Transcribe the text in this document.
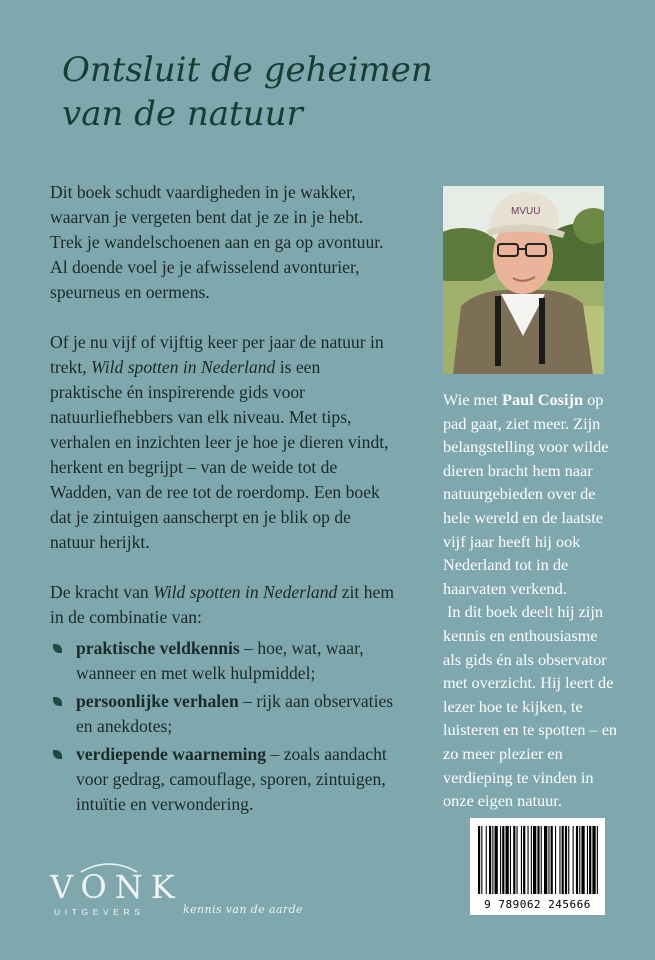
Ontsluit de geheimen
van de natuur

Dit boek schudt vaardigheden in je wakker, waarvan je vergeten bent dat je ze in je hebt. Trek je wandelschoenen aan en ga op avontuur. Al doende voel je je afwisselend avonturier, speurneus en oermens.

Of je nu vijf of vijftig keer per jaar de natuur in trekt, Wild spotten in Nederland is een praktische én inspirerende gids voor natuurliefhebbers van elk niveau. Met tips, verhalen en inzichten leer je hoe je dieren vindt, herkent en begrijpt – van de weide tot de Wadden, van de ree tot de roerdomp. Een boek dat je zintuigen aanscherpt en je blik op de natuur herijkt.

De kracht van Wild spotten in Nederland zit hem in de combinatie van:

praktische veldkennis – hoe, wat, waar, wanneer en met welk hulpmiddel;
persoonlijke verhalen – rijk aan observaties en anekdotes;
verdiepende waarneming – zoals aandacht voor gedrag, camouflage, sporen, zintuigen, intuïtie en verwondering.
MVUU

Wie met Paul Cosijn op pad gaat, ziet meer. Zijn belangstelling voor wilde dieren bracht hem naar natuurgebieden over de hele wereld en de laatste vijf jaar heeft hij ook Nederland tot in de haarvaten verkend.

In dit boek deelt hij zijn kennis en enthousiasme als gids én als observator met overzicht. Hij leert de lezer hoe te kijken, te luisteren en te spotten – en zo meer plezier en verdieping te vinden in onze eigen natuur.

9 789062 245666
VONK
UITGEVERS	kennis van de aarde
